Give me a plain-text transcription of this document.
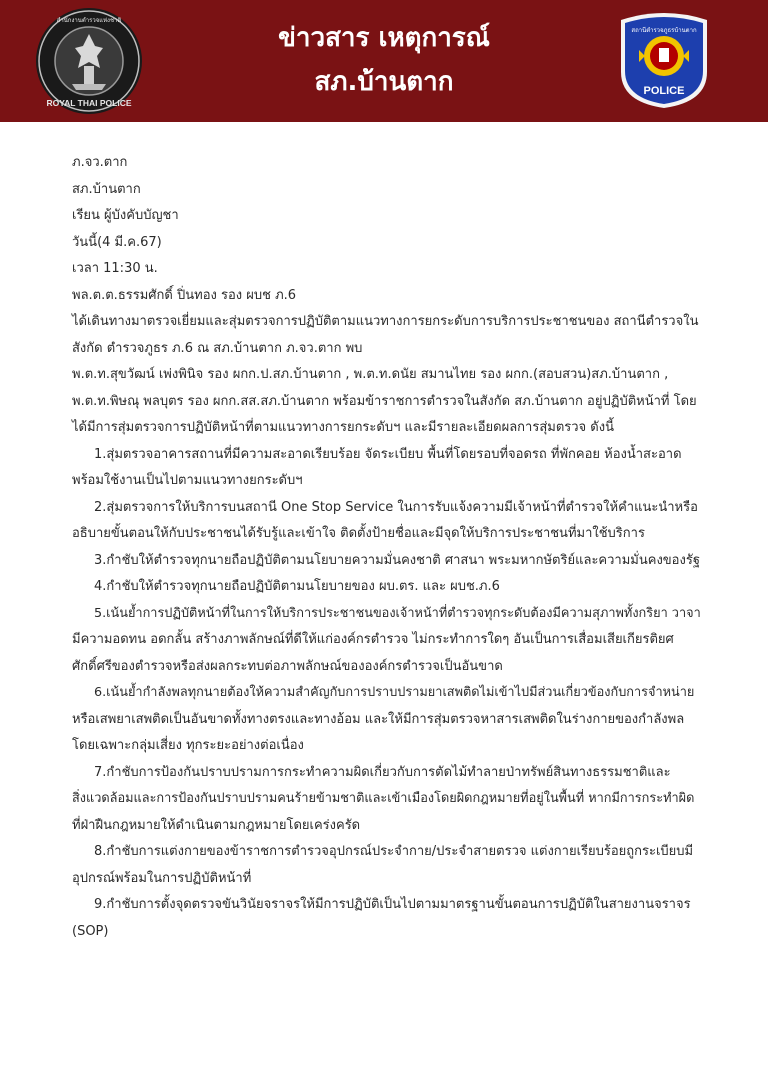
ROYAL THAI POLICE
สำนักงานตำรวจแห่งชาติ
ข่าวสาร เหตุการณ์
สภ.บ้านตาก
สถานีตำรวจภูธรบ้านตาก
POLICE
ภ.จว.ตาก
สภ.บ้านตาก
เรียน ผู้บังคับบัญชา
วันนี้(4 มี.ค.67)
เวลา 11:30 น.
พล.ต.ต.ธรรมศักดิ์ ปิ่นทอง รอง ผบช ภ.6
ได้เดินทางมาตรวจเยี่ยมและสุ่มตรวจการปฏิบัติตามแนวทางการยกระดับการบริการประชาชนของ สถานีตำรวจใน
สังกัด ตำรวจภูธร ภ.6 ณ สภ.บ้านตาก ภ.จว.ตาก พบ
พ.ต.ท.สุขวัฒน์ เพ่งพินิจ รอง ผกก.ป.สภ.บ้านตาก , พ.ต.ท.ดนัย สมานไทย รอง ผกก.(สอบสวน)สภ.บ้านตาก ,
พ.ต.ท.พิษณุ พลบุตร รอง ผกก.สส.สภ.บ้านตาก พร้อมข้าราชการตำรวจในสังกัด สภ.บ้านตาก อยู่ปฏิบัติหน้าที่ โดย
ได้มีการสุ่มตรวจการปฏิบัติหน้าที่ตามแนวทางการยกระดับฯ และมีรายละเอียดผลการสุ่มตรวจ ดังนี้
1.สุ่มตรวจอาคารสถานที่มีความสะอาดเรียบร้อย จัดระเบียบ พื้นที่โดยรอบที่จอดรถ ที่พักคอย ห้องน้ำสะอาด
พร้อมใช้งานเป็นไปตามแนวทางยกระดับฯ
2.สุ่มตรวจการให้บริการบนสถานี One Stop Service ในการรับแจ้งความมีเจ้าหน้าที่ตำรวจให้คำแนะนำหรือ
อธิบายขั้นตอนให้กับประชาชนได้รับรู้และเข้าใจ ติดตั้งป้ายชื่อและมีจุดให้บริการประชาชนที่มาใช้บริการ
3.กำชับให้ตำรวจทุกนายถือปฏิบัติตามนโยบายความมั่นคงชาติ ศาสนา พระมหากษัตริย์และความมั่นคงของรัฐ
4.กำชับให้ตำรวจทุกนายถือปฏิบัติตามนโยบายของ ผบ.ตร. และ ผบช.ภ.6
5.เน้นย้ำการปฏิบัติหน้าที่ในการให้บริการประชาชนของเจ้าหน้าที่ตำรวจทุกระดับต้องมีความสุภาพทั้งกริยา วาจา
มีความอดทน อดกลั้น สร้างภาพลักษณ์ที่ดีให้แก่องค์กรตำรวจ ไม่กระทำการใดๆ อันเป็นการเสื่อมเสียเกียรติยศ
ศักดิ์ศรีของตำรวจหรือส่งผลกระทบต่อภาพลักษณ์ขององค์กรตำรวจเป็นอันขาด
6.เน้นย้ำกำลังพลทุกนายต้องให้ความสำคัญกับการปราบปรามยาเสพติดไม่เข้าไปมีส่วนเกี่ยวข้องกับการจำหน่าย
หรือเสพยาเสพติดเป็นอันขาดทั้งทางตรงและทางอ้อม และให้มีการสุ่มตรวจหาสารเสพติดในร่างกายของกำลังพล
โดยเฉพาะกลุ่มเสี่ยง ทุกระยะอย่างต่อเนื่อง
7.กำชับการป้องกันปราบปรามการกระทำความผิดเกี่ยวกับการตัดไม้ทำลายป่าทรัพย์สินทางธรรมชาติและ
สิ่งแวดล้อมและการป้องกันปราบปรามคนร้ายข้ามชาติและเข้าเมืองโดยผิดกฎหมายที่อยู่ในพื้นที่ หากมีการกระทำผิด
ที่ฝ่าฝืนกฎหมายให้ดำเนินตามกฎหมายโดยเคร่งครัด
8.กำชับการแต่งกายของข้าราชการตำรวจอุปกรณ์ประจำกาย/ประจำสายตรวจ แต่งกายเรียบร้อยถูกระเบียบมี
อุปกรณ์พร้อมในการปฏิบัติหน้าที่
9.กำชับการตั้งจุดตรวจขันวินัยจราจรให้มีการปฏิบัติเป็นไปตามมาตรฐานขั้นตอนการปฏิบัติในสายงานจราจร
(SOP)
